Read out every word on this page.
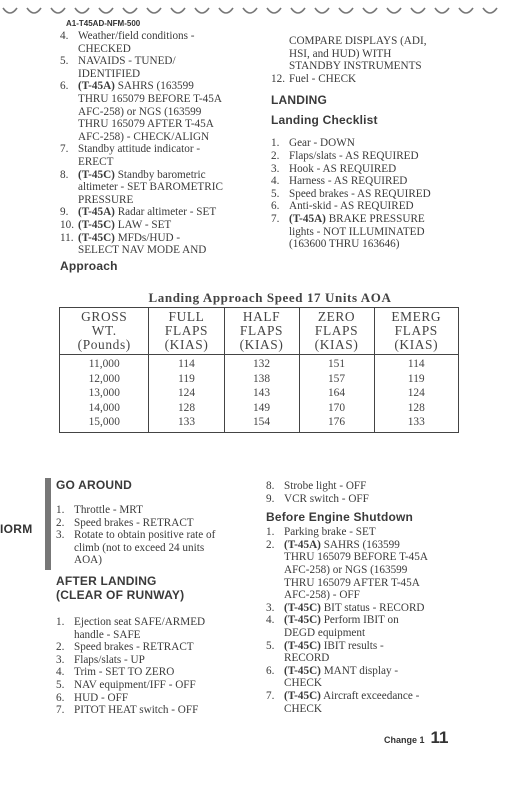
A1-T45AD-NFM-500
4. Weather/field conditions -
CHECKED
5. NAVAIDS - TUNED/
IDENTIFIED
6. (T-45A) SAHRS (163599
THRU 165079 BEFORE T-45A
AFC-258) or NGS (163599
THRU 165079 AFTER T-45A
AFC-258) - CHECK/ALIGN
7. Standby attitude indicator -
ERECT
8. (T-45C) Standby barometric
altimeter - SET BAROMETRIC
PRESSURE
9. (T-45A) Radar altimeter - SET
10. (T-45C) LAW - SET
11. (T-45C) MFDs/HUD -
SELECT NAV MODE AND
Approach
COMPARE DISPLAYS (ADI,
HSI, and HUD) WITH
STANDBY INSTRUMENTS
12. Fuel - CHECK
LANDING
Landing Checklist
1. Gear - DOWN
2. Flaps/slats - AS REQUIRED
3. Hook - AS REQUIRED
4. Harness - AS REQUIRED
5. Speed brakes - AS REQUIRED
6. Anti-skid - AS REQUIRED
7. (T-45A) BRAKE PRESSURE
lights - NOT ILLUMINATED
(163600 THRU 163646)
Landing Approach Speed 17 Units AOA
GROSS
WT.
(Pounds)	FULL
FLAPS
(KIAS)	HALF
FLAPS
(KIAS)	ZERO
FLAPS
(KIAS)	EMERG
FLAPS
(KIAS)

11,000	114	132	151	114
12,000	119	138	157	119
13,000	124	143	164	124
14,000	128	149	170	128
15,000	133	154	176	133
IORM
GO AROUND
1. Throttle - MRT
2. Speed brakes - RETRACT
3. Rotate to obtain positive rate of
climb (not to exceed 24 units
AOA)
AFTER LANDING
(CLEAR OF RUNWAY)
1. Ejection seat SAFE/ARMED
handle - SAFE
2. Speed brakes - RETRACT
3. Flaps/slats - UP
4. Trim - SET TO ZERO
5. NAV equipment/IFF - OFF
6. HUD - OFF
7. PITOT HEAT switch - OFF
8. Strobe light - OFF
9. VCR switch - OFF
Before Engine Shutdown
1. Parking brake - SET
2. (T-45A) SAHRS (163599
THRU 165079 BEFORE T-45A
AFC-258) or NGS (163599
THRU 165079 AFTER T-45A
AFC-258) - OFF
3. (T-45C) BIT status - RECORD
4. (T-45C) Perform IBIT on
DEGD equipment
5. (T-45C) IBIT results -
RECORD
6. (T-45C) MANT display -
CHECK
7. (T-45C) Aircraft exceedance -
CHECK
Change 1 11
